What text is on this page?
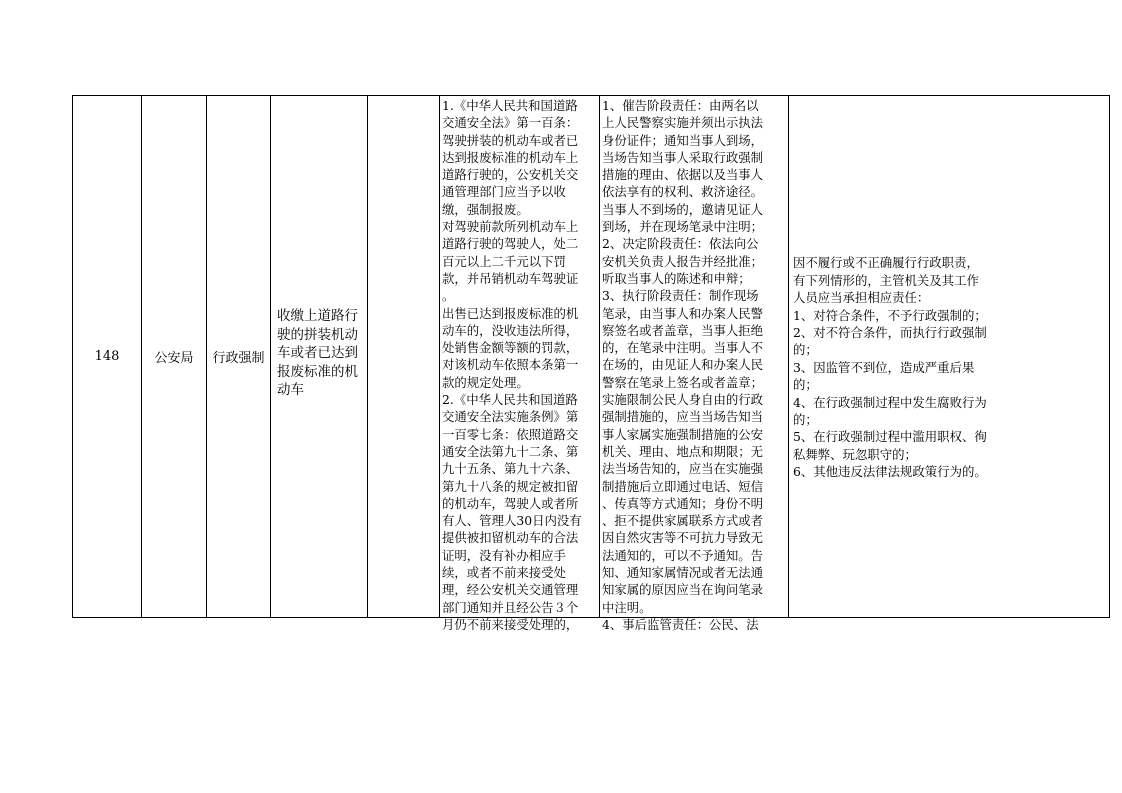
148	公安局 行政强制
收缴上道路行
驶的拼装机动
车或者已达到
报废标准的机
动车
1.《中华人民共和国道路
交通安全法》第一百条：
驾驶拼装的机动车或者已
达到报废标准的机动车上
道路行驶的，公安机关交
通管理部门应当予以收
缴，强制报废。
对驾驶前款所列机动车上
道路行驶的驾驶人，处二
百元以上二千元以下罚
款，并吊销机动车驾驶证
。
出售已达到报废标准的机
动车的，没收违法所得，
处销售金额等额的罚款，
对该机动车依照本条第一
款的规定处理。
2.《中华人民共和国道路
交通安全法实施条例》第
一百零七条：依照道路交
通安全法第九十二条、第
九十五条、第九十六条、
第九十八条的规定被扣留
的机动车，驾驶人或者所
有人、管理人30日内没有
提供被扣留机动车的合法
证明，没有补办相应手
续，或者不前来接受处
理，经公安机关交通管理
部门通知并且经公告３个
月仍不前来接受处理的，
1、催告阶段责任：由两名以
上人民警察实施并须出示执法
身份证件；通知当事人到场，
当场告知当事人采取行政强制
措施的理由、依据以及当事人
依法享有的权利、救济途径。
当事人不到场的，邀请见证人
到场，并在现场笔录中注明；
2、决定阶段责任：依法向公
安机关负责人报告并经批准；
听取当事人的陈述和申辩；
3、执行阶段责任：制作现场
笔录，由当事人和办案人民警
察签名或者盖章，当事人拒绝
的，在笔录中注明。当事人不
在场的，由见证人和办案人民
警察在笔录上签名或者盖章；
实施限制公民人身自由的行政
强制措施的，应当当场告知当
事人家属实施强制措施的公安
机关、理由、地点和期限；无
法当场告知的，应当在实施强
制措施后立即通过电话、短信
、传真等方式通知；身份不明
、拒不提供家属联系方式或者
因自然灾害等不可抗力导致无
法通知的，可以不予通知。告
知、通知家属情况或者无法通
知家属的原因应当在询问笔录
中注明。
4、事后监管责任：公民、法
因不履行或不正确履行行政职责，
有下列情形的，主管机关及其工作
人员应当承担相应责任：
1、对符合条件，不予行政强制的；
2、对不符合条件，而执行行政强制
的；
3、因监管不到位，造成严重后果
的；
4、在行政强制过程中发生腐败行为
的；
5、在行政强制过程中滥用职权、徇
私舞弊、玩忽职守的；
6、其他违反法律法规政策行为的。
